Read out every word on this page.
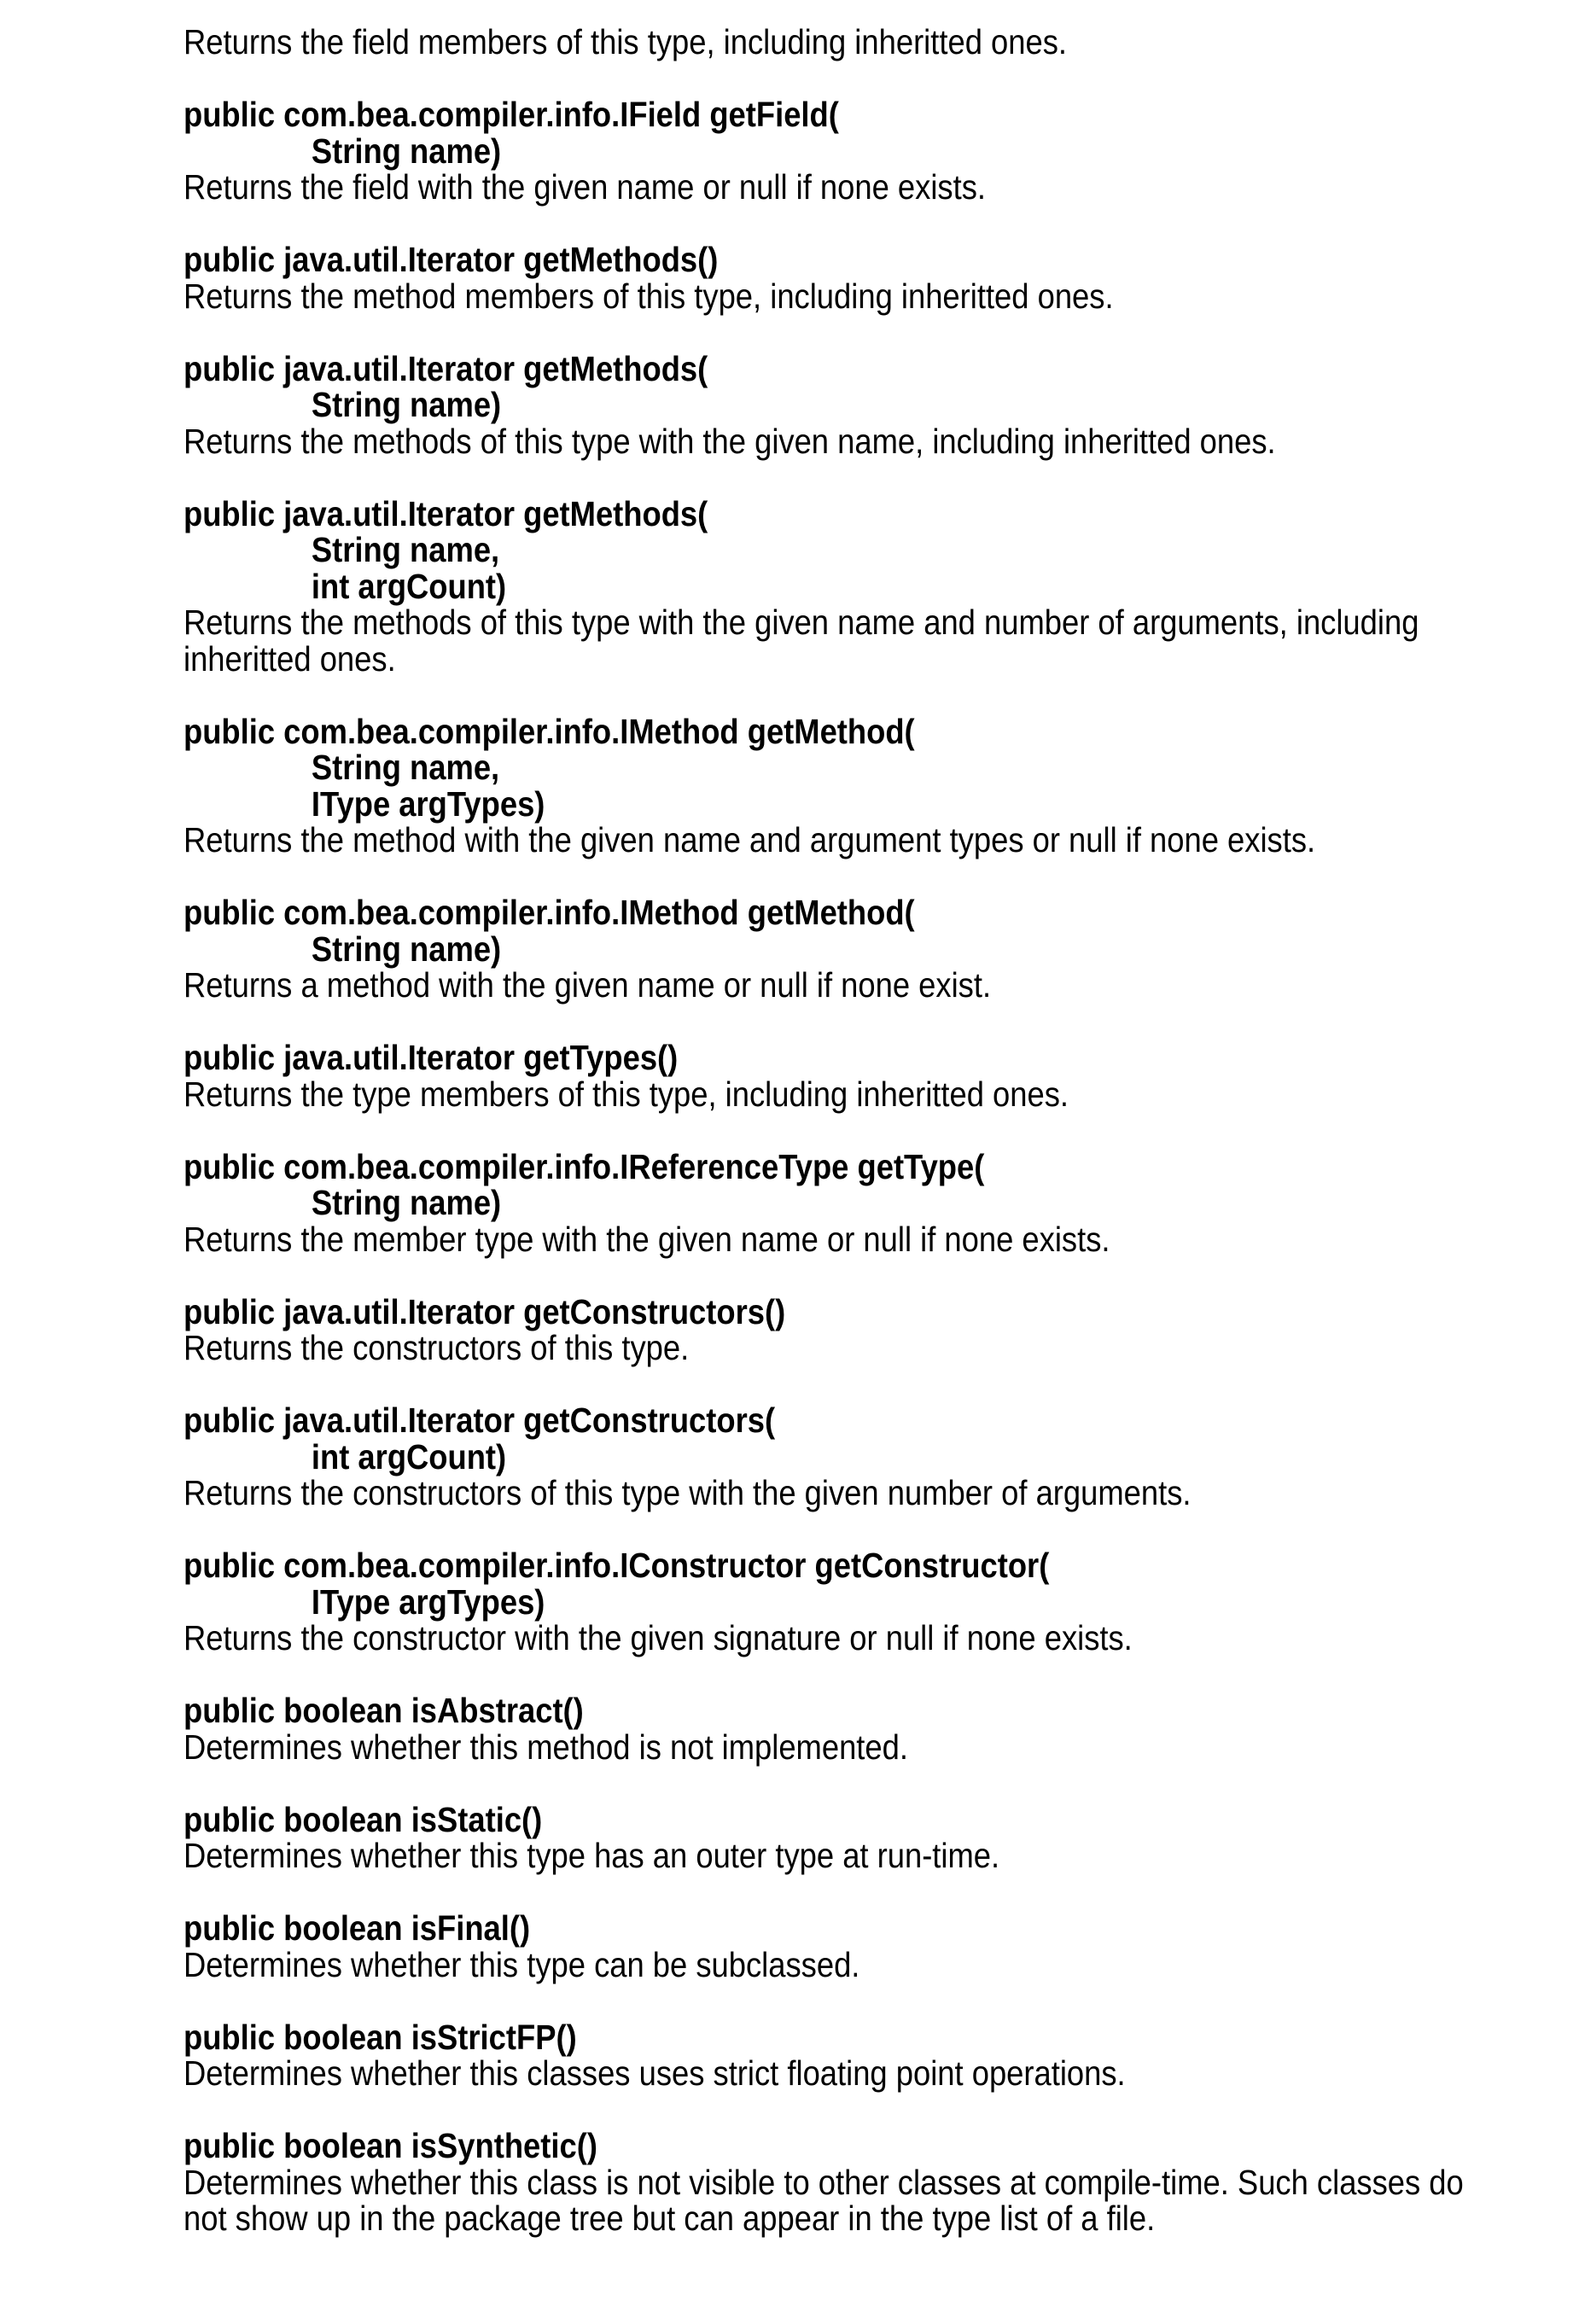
Returns the field members of this type, including inheritted ones.
public com.bea.compiler.info.IField getField(
String name)
Returns the field with the given name or null if none exists.
public java.util.Iterator getMethods()
Returns the method members of this type, including inheritted ones.
public java.util.Iterator getMethods(
String name)
Returns the methods of this type with the given name, including inheritted ones.
public java.util.Iterator getMethods(
String name,
int argCount)
Returns the methods of this type with the given name and number of arguments, including
inheritted ones.
public com.bea.compiler.info.IMethod getMethod(
String name,
IType argTypes)
Returns the method with the given name and argument types or null if none exists.
public com.bea.compiler.info.IMethod getMethod(
String name)
Returns a method with the given name or null if none exist.
public java.util.Iterator getTypes()
Returns the type members of this type, including inheritted ones.
public com.bea.compiler.info.IReferenceType getType(
String name)
Returns the member type with the given name or null if none exists.
public java.util.Iterator getConstructors()
Returns the constructors of this type.
public java.util.Iterator getConstructors(
int argCount)
Returns the constructors of this type with the given number of arguments.
public com.bea.compiler.info.IConstructor getConstructor(
IType argTypes)
Returns the constructor with the given signature or null if none exists.
public boolean isAbstract()
Determines whether this method is not implemented.
public boolean isStatic()
Determines whether this type has an outer type at run-time.
public boolean isFinal()
Determines whether this type can be subclassed.
public boolean isStrictFP()
Determines whether this classes uses strict floating point operations.
public boolean isSynthetic()
Determines whether this class is not visible to other classes at compile-time. Such classes do
not show up in the package tree but can appear in the type list of a file.
